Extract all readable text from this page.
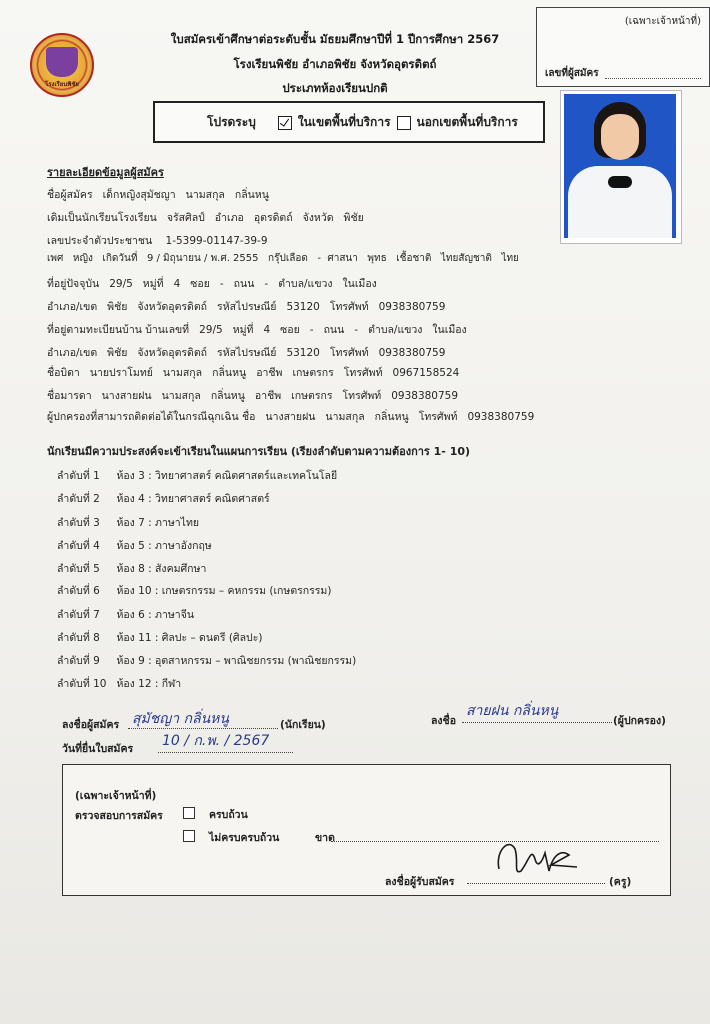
(เฉพาะเจ้าหน้าที่)
เลขที่ผู้สมัคร
โรงเรียนพิชัย
ใบสมัครเข้าศึกษาต่อระดับชั้น มัธยมศึกษาปีที่ 1 ปีการศึกษา 2567
โรงเรียนพิชัย อำเภอพิชัย จังหวัดอุตรดิตถ์
ประเภทห้องเรียนปกติ
โปรดระบุ	ในเขตพื้นที่บริการ นอกเขตพื้นที่บริการ
รายละเอียดข้อมูลผู้สมัคร
ชื่อผู้สมัคร   เด็กหญิงสุมัชญา   นามสกุล   กลิ่นหนู
เดิมเป็นนักเรียนโรงเรียน   จรัสศิลป์   อำเภอ   อุตรดิตถ์   จังหวัด   พิชัย
เลขประจำตัวประชาชน    1-5399-01147-39-9
เพศ   หญิง   เกิดวันที่   9 / มิถุนายน / พ.ศ. 2555   กรุ๊ปเลือด   -  ศาสนา   พุทธ   เชื้อชาติ   ไทยสัญชาติ   ไทย
ที่อยู่ปัจจุบัน   29/5   หมู่ที่   4   ซอย   -   ถนน   -   ตำบล/แขวง   ในเมือง
อำเภอ/เขต   พิชัย   จังหวัดอุตรดิตถ์   รหัสไปรษณีย์   53120   โทรศัพท์   0938380759
ที่อยู่ตามทะเบียนบ้าน บ้านเลขที่   29/5   หมู่ที่   4   ซอย   -   ถนน   -   ตำบล/แขวง   ในเมือง
อำเภอ/เขต   พิชัย   จังหวัดอุตรดิตถ์   รหัสไปรษณีย์   53120   โทรศัพท์   0938380759
ชื่อบิดา   นายปราโมทย์   นามสกุล   กลิ่นหนู   อาชีพ   เกษตรกร   โทรศัพท์   0967158524
ชื่อมารดา   นางสายฝน   นามสกุล   กลิ่นหนู   อาชีพ   เกษตรกร   โทรศัพท์   0938380759
ผู้ปกครองที่สามารถติดต่อได้ในกรณีฉุกเฉิน ชื่อ   นางสายฝน   นามสกุล   กลิ่นหนู   โทรศัพท์   0938380759
นักเรียนมีความประสงค์จะเข้าเรียนในแผนการเรียน (เรียงลำดับตามความต้องการ 1- 10)
ลำดับที่ 1     ห้อง 3 : วิทยาศาสตร์ คณิตศาสตร์และเทคโนโลยี
ลำดับที่ 2     ห้อง 4 : วิทยาศาสตร์ คณิตศาสตร์
ลำดับที่ 3     ห้อง 7 : ภาษาไทย
ลำดับที่ 4     ห้อง 5 : ภาษาอังกฤษ
ลำดับที่ 5     ห้อง 8 : สังคมศึกษา
ลำดับที่ 6     ห้อง 10 : เกษตรกรรม – คหกรรม (เกษตรกรรม)
ลำดับที่ 7     ห้อง 6 : ภาษาจีน
ลำดับที่ 8     ห้อง 11 : ศิลปะ – ดนตรี (ศิลปะ)
ลำดับที่ 9     ห้อง 9 : อุตสาหกรรม – พาณิชยกรรม (พาณิชยกรรม)
ลำดับที่ 10   ห้อง 12 : กีฬา
ลงชื่อผู้สมัคร สุมัชญา กลิ่นหนู	(นักเรียน)
วันที่ยื่นใบสมัคร 10 / ก.พ. / 2567
ลงชื่อ
สายฝน กลิ่นหนู
(ผู้ปกครอง)
(เฉพาะเจ้าหน้าที่)
ตรวจสอบการสมัคร	ครบถ้วน
ไม่ครบครบถ้วน	ขาด
ลงชื่อผู้รับสมัคร	(ครู)
